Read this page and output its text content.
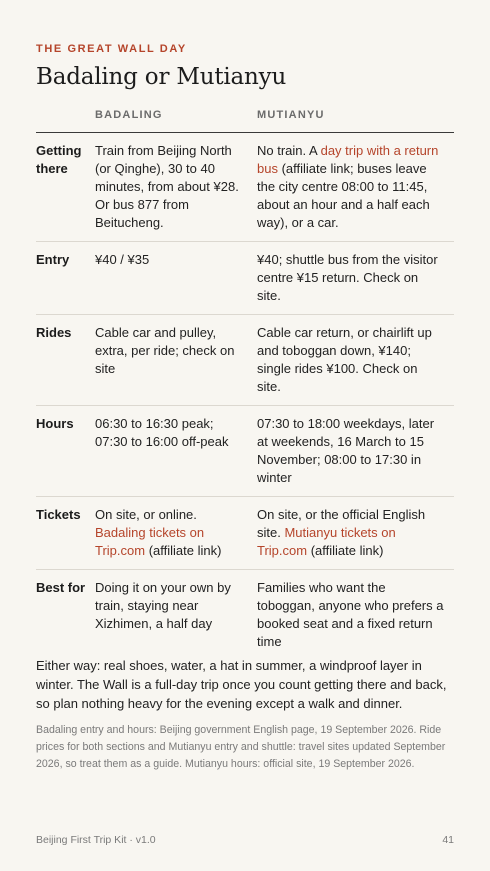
THE GREAT WALL DAY
Badaling or Mutianyu
	BADALING	MUTIANYU
Getting there	Train from Beijing North (or Qinghe), 30 to 40 minutes, from about ¥28. Or bus 877 from Beitucheng.	No train. A day trip with a return bus (affiliate link; buses leave the city centre 08:00 to 11:45, about an hour and a half each way), or a car.
Entry	¥40 / ¥35	¥40; shuttle bus from the visitor centre ¥15 return. Check on site.
Rides	Cable car and pulley, extra, per ride; check on site	Cable car return, or chairlift up and toboggan down, ¥140; single rides ¥100. Check on site.
Hours	06:30 to 16:30 peak; 07:30 to 16:00 off-peak	07:30 to 18:00 weekdays, later at weekends, 16 March to 15 November; 08:00 to 17:30 in winter
Tickets	On site, or online. Badaling tickets on Trip.com (affiliate link)	On site, or the official English site. Mutianyu tickets on Trip.com (affiliate link)
Best for	Doing it on your own by train, staying near Xizhimen, a half day	Families who want the toboggan, anyone who prefers a booked seat and a fixed return time

Either way: real shoes, water, a hat in summer, a windproof layer in winter. The Wall is a full-day trip once you count getting there and back, so plan nothing heavy for the evening except a walk and dinner.

Badaling entry and hours: Beijing government English page, 19 September 2026. Ride prices for both sections and Mutianyu entry and shuttle: travel sites updated September 2026, so treat them as a guide. Mutianyu hours: official site, 19 September 2026.

Beijing First Trip Kit · v1.0	41
